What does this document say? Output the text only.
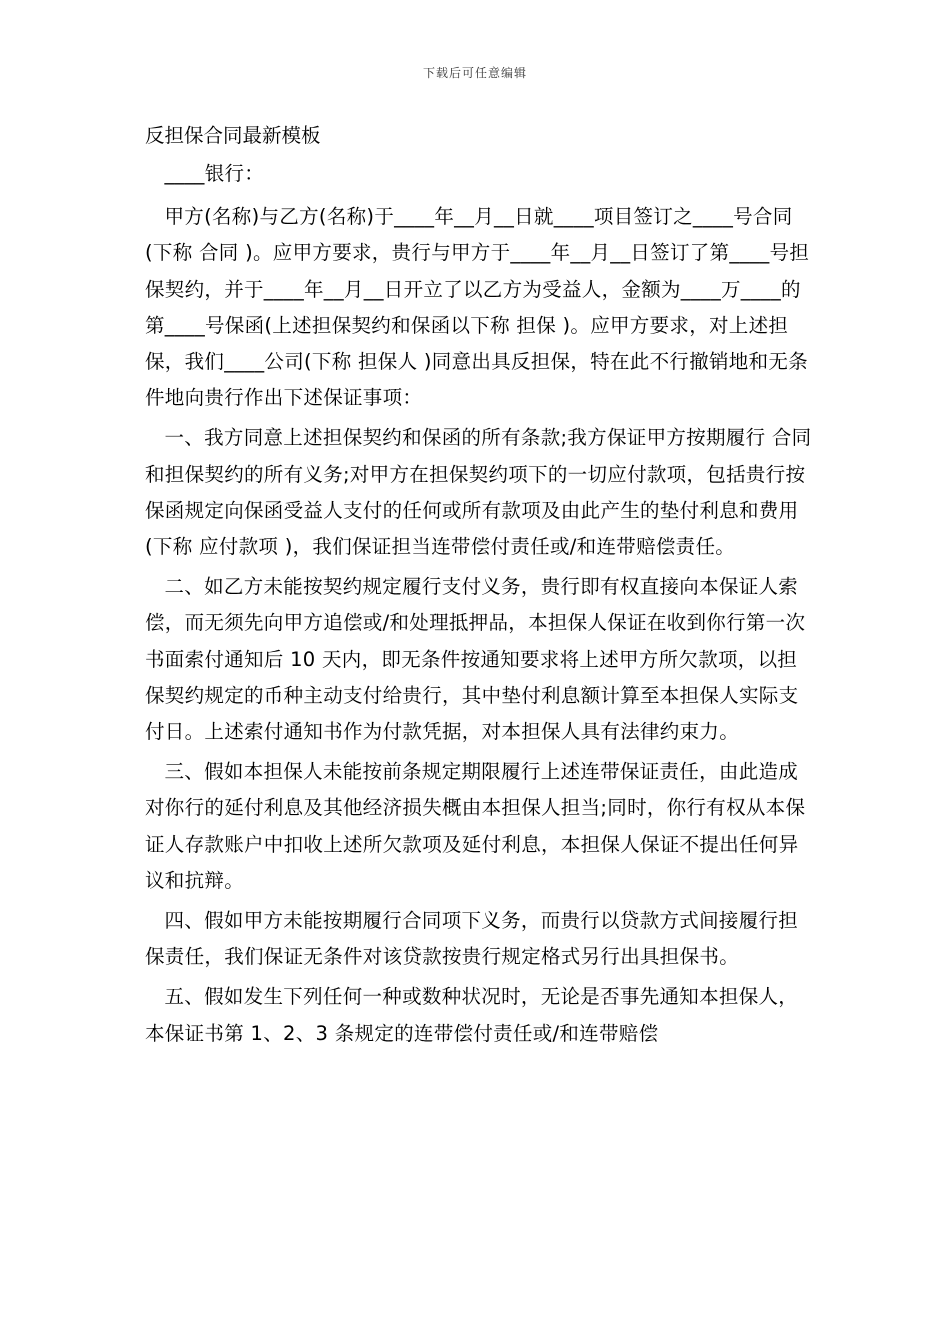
下载后可任意编辑
反担保合同最新模板

____银行：

甲方(名称)与乙方(名称)于____年__月__日就____项目签订之____号合同(下称 合同 )。应甲方要求，贵行与甲方于____年__月__日签订了第____号担保契约，并于____年__月__日开立了以乙方为受益人，金额为____万____的第____号保函(上述担保契约和保函以下称 担保 )。应甲方要求，对上述担保，我们____公司(下称 担保人 )同意出具反担保，特在此不行撤销地和无条件地向贵行作出下述保证事项：

一、我方同意上述担保契约和保函的所有条款;我方保证甲方按期履行 合同 和担保契约的所有义务;对甲方在担保契约项下的一切应付款项，包括贵行按保函规定向保函受益人支付的任何或所有款项及由此产生的垫付利息和费用(下称 应付款项 )，我们保证担当连带偿付责任或/和连带赔偿责任。

二、如乙方未能按契约规定履行支付义务，贵行即有权直接向本保证人索偿，而无须先向甲方追偿或/和处理抵押品，本担保人保证在收到你行第一次书面索付通知后 10 天内，即无条件按通知要求将上述甲方所欠款项，以担保契约规定的币种主动支付给贵行，其中垫付利息额计算至本担保人实际支付日。上述索付通知书作为付款凭据，对本担保人具有法律约束力。

三、假如本担保人未能按前条规定期限履行上述连带保证责任，由此造成对你行的延付利息及其他经济损失概由本担保人担当;同时，你行有权从本保证人存款账户中扣收上述所欠款项及延付利息，本担保人保证不提出任何异议和抗辩。

四、假如甲方未能按期履行合同项下义务，而贵行以贷款方式间接履行担保责任，我们保证无条件对该贷款按贵行规定格式另行出具担保书。

五、假如发生下列任何一种或数种状况时，无论是否事先通知本担保人，本保证书第 1、2、3 条规定的连带偿付责任或/和连带赔偿
